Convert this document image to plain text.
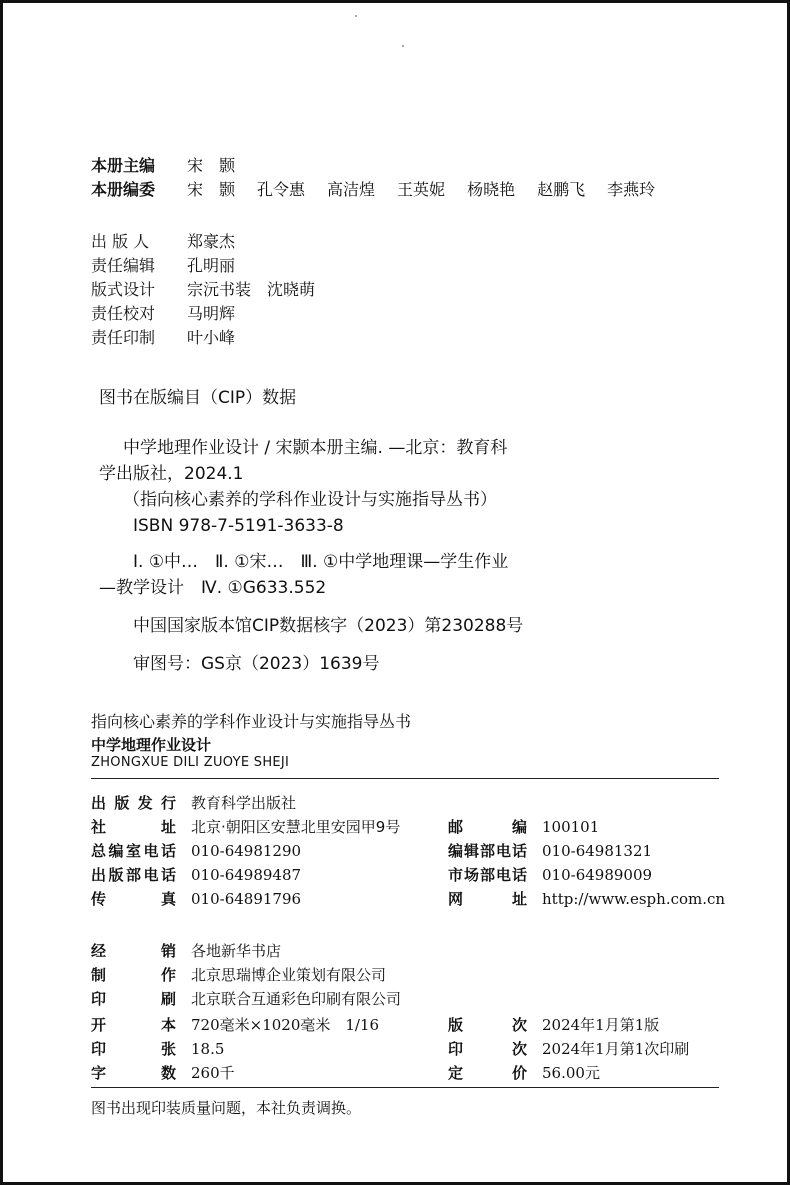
本册主编 宋　颢
本册编委 宋　颢 孔令惠 高洁煌 王英妮 杨晓艳 赵鹏飞 李燕玲
出 版 人 郑豪杰
责任编辑 孔明丽
版式设计 宗沅书装　沈晓萌
责任校对 马明辉
责任印制 叶小峰
图书在版编目（CIP）数据
中学地理作业设计 / 宋颢本册主编. —北京：教育科
学出版社，2024.1
（指向核心素养的学科作业设计与实施指导丛书）
ISBN 978-7-5191-3633-8
Ⅰ. ①中…　Ⅱ. ①宋…　Ⅲ. ①中学地理课—学生作业
—教学设计　Ⅳ. ①G633.552
中国国家版本馆CIP数据核字（2023）第230288号
审图号：GS京（2023）1639号
指向核心素养的学科作业设计与实施指导丛书
中学地理作业设计
ZHONGXUE DILI ZUOYE SHEJI
出版发行 教育科学出版社
社　　址 北京·朝阳区安慧北里安园甲9号	邮　　编 100101
总编室电话 010-64981290	编辑部电话 010-64981321
出版部电话 010-64989487	市场部电话 010-64989009
传　　真 010-64891796	网　　址 http://www.esph.com.cn
经　　销 各地新华书店
制　　作 北京思瑞博企业策划有限公司
印　　刷 北京联合互通彩色印刷有限公司
开　　本 720毫米×1020毫米　1/16	版　　次 2024年1月第1版
印　　张 18.5	印　　次 2024年1月第1次印刷
字　　数 260千	定　　价 56.00元
图书出现印装质量问题，本社负责调换。
